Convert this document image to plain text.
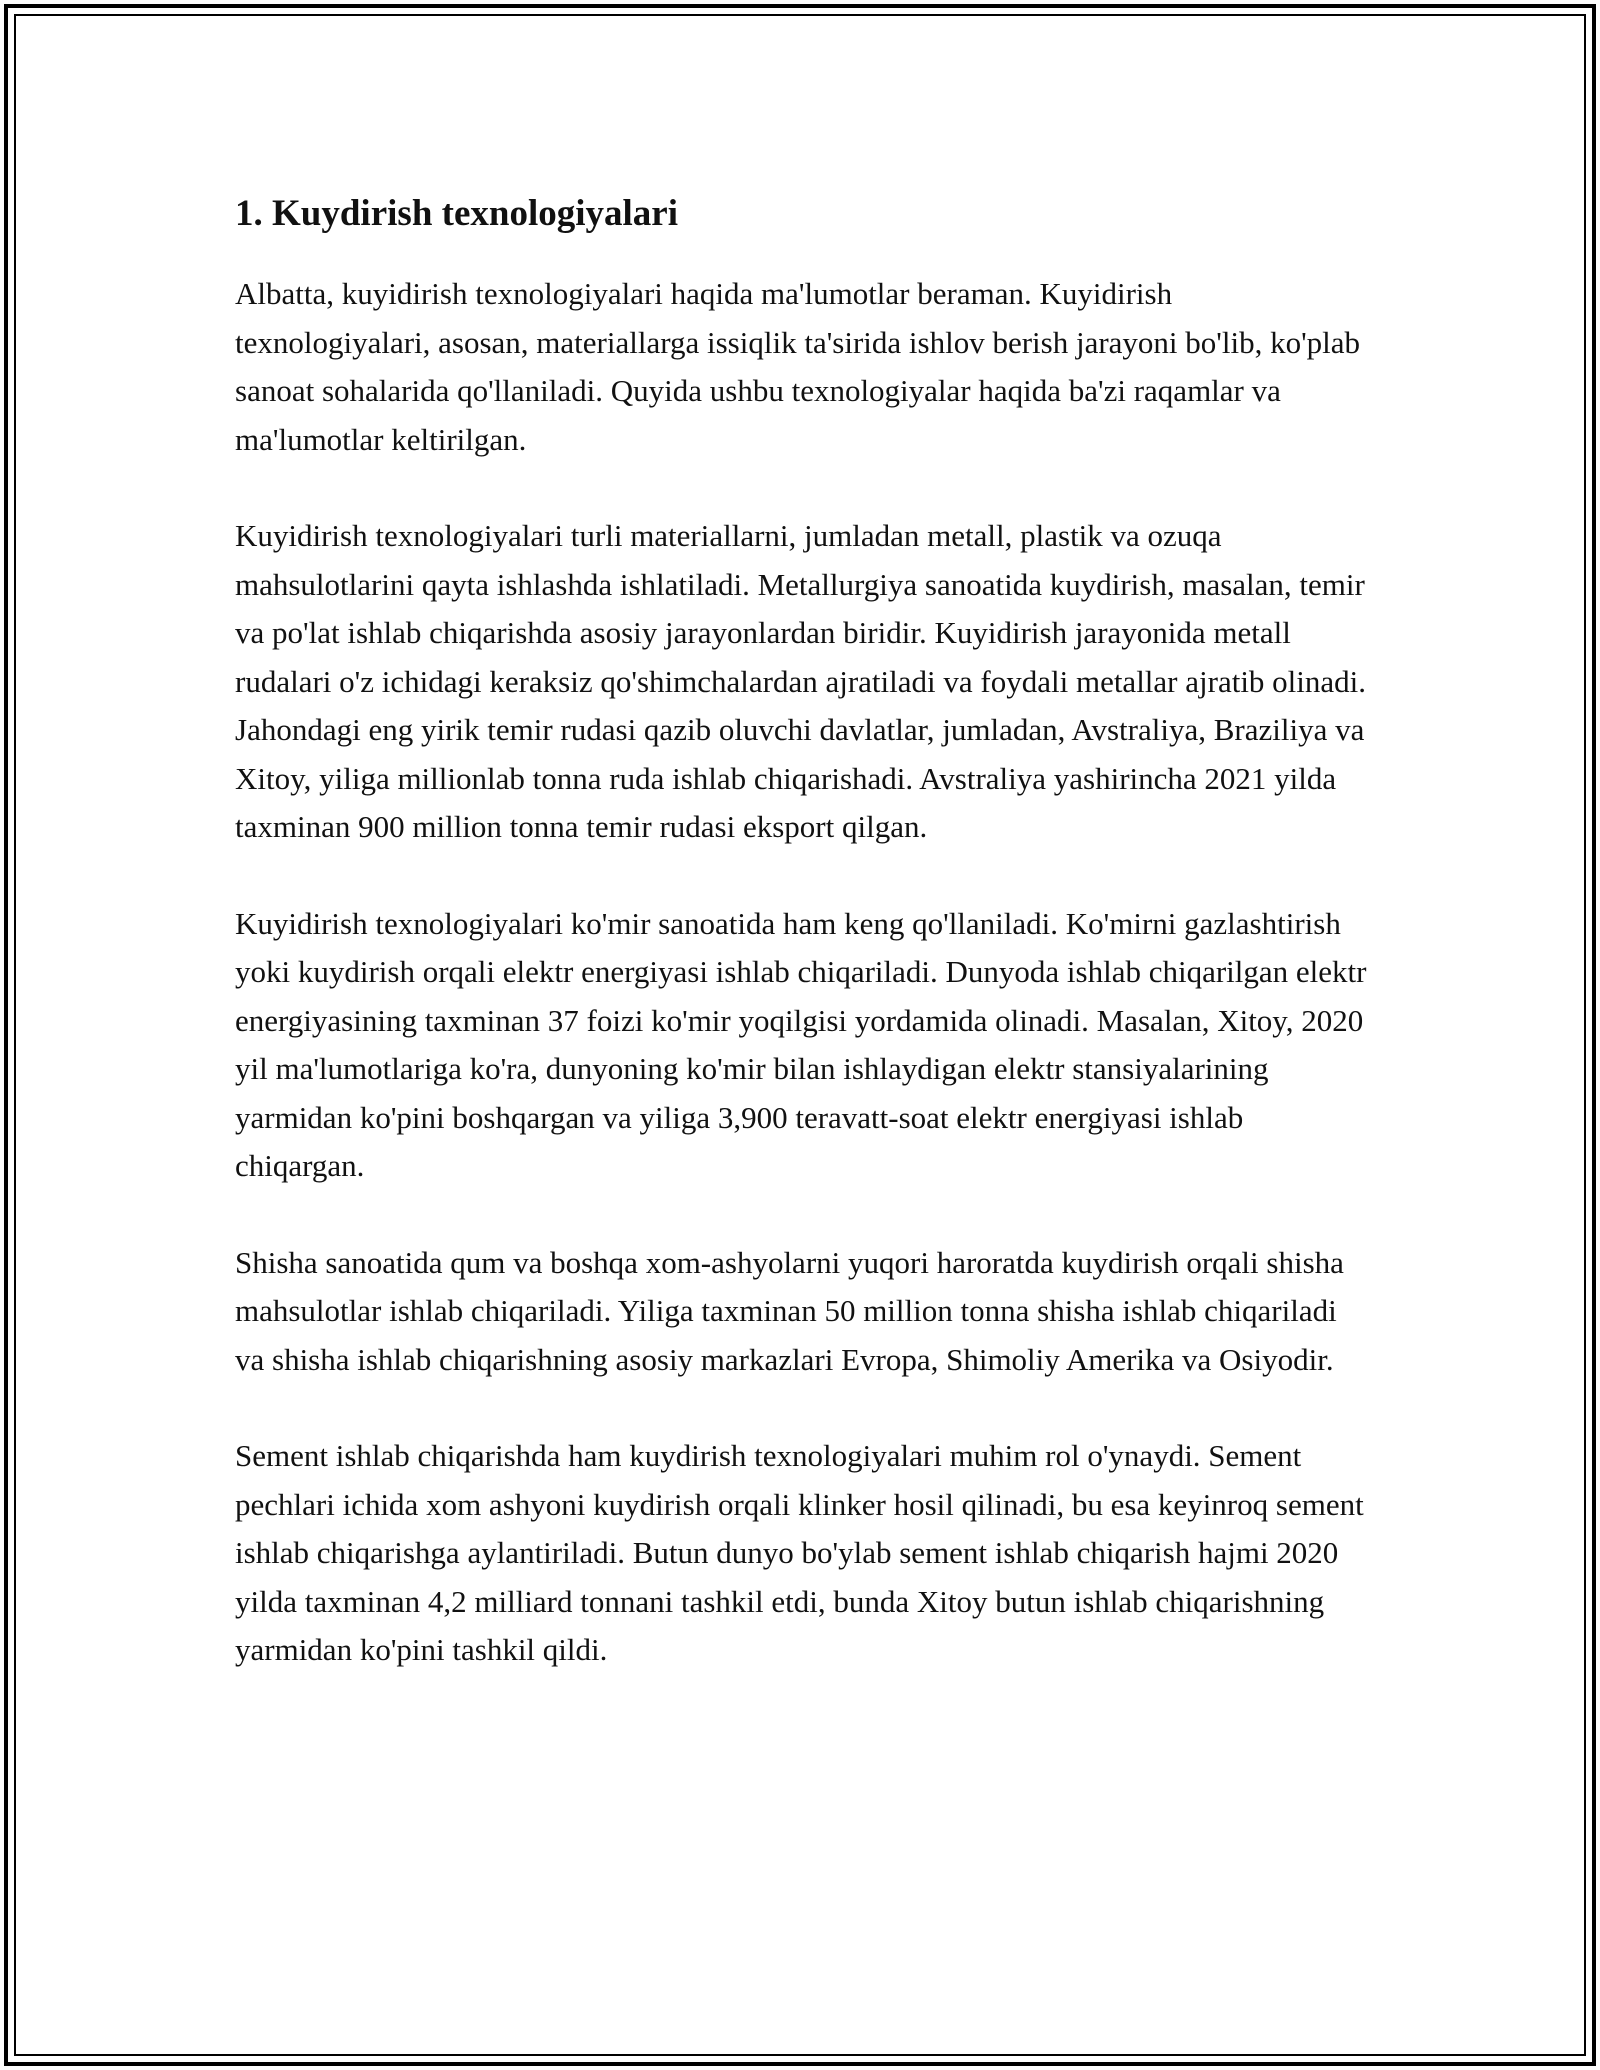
1. Kuydirish texnologiyalari

Albatta, kuyidirish texnologiyalari haqida ma'lumotlar beraman. Kuyidirish texnologiyalari, asosan, materiallarga issiqlik ta'sirida ishlov berish jarayoni bo'lib, ko'plab sanoat sohalarida qo'llaniladi. Quyida ushbu texnologiyalar haqida ba'zi raqamlar va ma'lumotlar keltirilgan.

Kuyidirish texnologiyalari turli materiallarni, jumladan metall, plastik va ozuqa mahsulotlarini qayta ishlashda ishlatiladi. Metallurgiya sanoatida kuydirish, masalan, temir va po'lat ishlab chiqarishda asosiy jarayonlardan biridir. Kuyidirish jarayonida metall rudalari o'z ichidagi keraksiz qo'shimchalardan ajratiladi va foydali metallar ajratib olinadi. Jahondagi eng yirik temir rudasi qazib oluvchi davlatlar, jumladan, Avstraliya, Braziliya va Xitoy, yiliga millionlab tonna ruda ishlab chiqarishadi. Avstraliya yashirincha 2021 yilda taxminan 900 million tonna temir rudasi eksport qilgan.

Kuyidirish texnologiyalari ko'mir sanoatida ham keng qo'llaniladi. Ko'mirni gazlashtirish yoki kuydirish orqali elektr energiyasi ishlab chiqariladi. Dunyoda ishlab chiqarilgan elektr energiyasining taxminan 37 foizi ko'mir yoqilgisi yordamida olinadi. Masalan, Xitoy, 2020 yil ma'lumotlariga ko'ra, dunyoning ko'mir bilan ishlaydigan elektr stansiyalarining yarmidan ko'pini boshqargan va yiliga 3,900 teravatt-soat elektr energiyasi ishlab chiqargan.

Shisha sanoatida qum va boshqa xom-ashyolarni yuqori haroratda kuydirish orqali shisha mahsulotlar ishlab chiqariladi. Yiliga taxminan 50 million tonna shisha ishlab chiqariladi va shisha ishlab chiqarishning asosiy markazlari Evropa, Shimoliy Amerika va Osiyodir.

Sement ishlab chiqarishda ham kuydirish texnologiyalari muhim rol o'ynaydi. Sement pechlari ichida xom ashyoni kuydirish orqali klinker hosil qilinadi, bu esa keyinroq sement ishlab chiqarishga aylantiriladi. Butun dunyo bo'ylab sement ishlab chiqarish hajmi 2020 yilda taxminan 4,2 milliard tonnani tashkil etdi, bunda Xitoy butun ishlab chiqarishning yarmidan ko'pini tashkil qildi.
